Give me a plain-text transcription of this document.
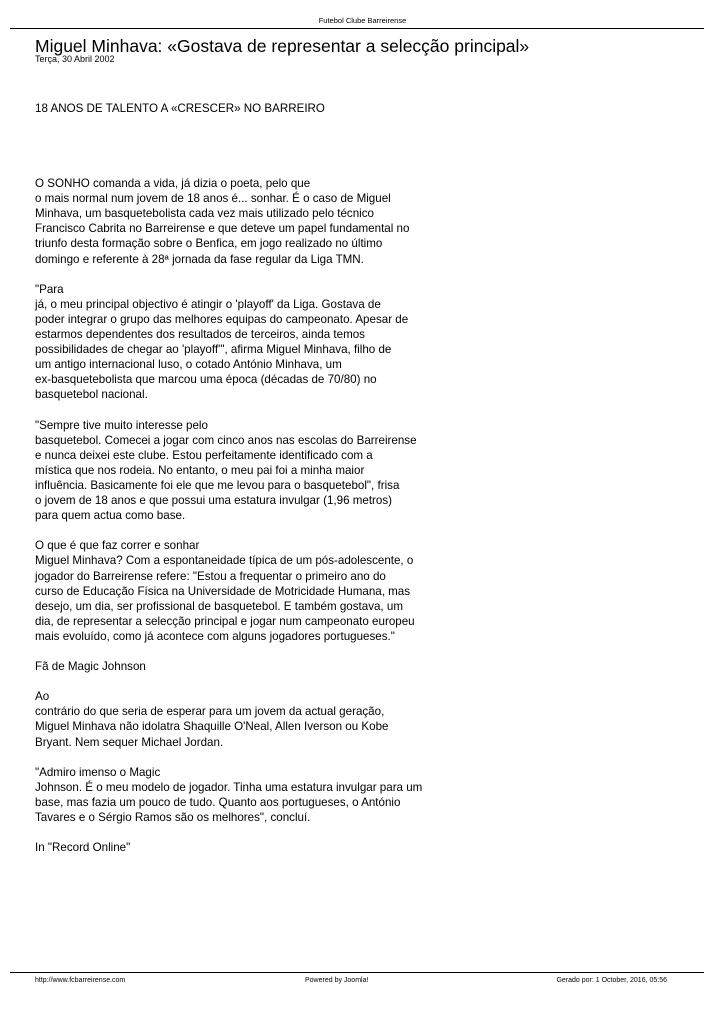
Futebol Clube Barreirense
Miguel Minhava: «Gostava de representar a selecção principal»
Terça, 30 Abril 2002

18 ANOS DE TALENTO A «CRESCER» NO BARREIRO

O SONHO comanda a vida, já dizia o poeta, pelo que
o mais normal num jovem de 18 anos é... sonhar. É o caso de Miguel
Minhava, um basquetebolista cada vez mais utilizado pelo técnico
Francisco Cabrita no Barreirense e que deteve um papel fundamental no
triunfo desta formação sobre o Benfica, em jogo realizado no último
domingo e referente à 28ª jornada da fase regular da Liga TMN.

"Para
já, o meu principal objectivo é atingir o 'playoff' da Liga. Gostava de
poder integrar o grupo das melhores equipas do campeonato. Apesar de
estarmos dependentes dos resultados de terceiros, ainda temos
possibilidades de chegar ao 'playoff'", afirma Miguel Minhava, filho de
um antigo internacional luso, o cotado António Minhava, um
ex-basquetebolista que marcou uma época (décadas de 70/80) no
basquetebol nacional.

"Sempre tive muito interesse pelo
basquetebol. Comecei a jogar com cinco anos nas escolas do Barreirense
e nunca deixei este clube. Estou perfeitamente identificado com a
mística que nos rodeia. No entanto, o meu pai foi a minha maior
influência. Basicamente foi ele que me levou para o basquetebol", frisa
o jovem de 18 anos e que possui uma estatura invulgar (1,96 metros)
para quem actua como base.

O que é que faz correr e sonhar
Miguel Minhava? Com a espontaneidade típica de um pós-adolescente, o
jogador do Barreirense refere: "Estou a frequentar o primeiro ano do
curso de Educação Física na Universidade de Motricidade Humana, mas
desejo, um dia, ser profissional de basquetebol. E também gostava, um
dia, de representar a selecção principal e jogar num campeonato europeu
mais evoluído, como já acontece com alguns jogadores portugueses."

Fã de Magic Johnson

Ao
contrário do que seria de esperar para um jovem da actual geração,
Miguel Minhava não idolatra Shaquille O'Neal, Allen Iverson ou Kobe
Bryant. Nem sequer Michael Jordan.

"Admiro imenso o Magic
Johnson. É o meu modelo de jogador. Tinha uma estatura invulgar para um
base, mas fazia um pouco de tudo. Quanto aos portugueses, o António
Tavares e o Sérgio Ramos são os melhores", concluí.

In "Record Online"

http://www.fcbarreirense.com	Powered by Joomla!	Gerado por: 1 October, 2016, 05:56
